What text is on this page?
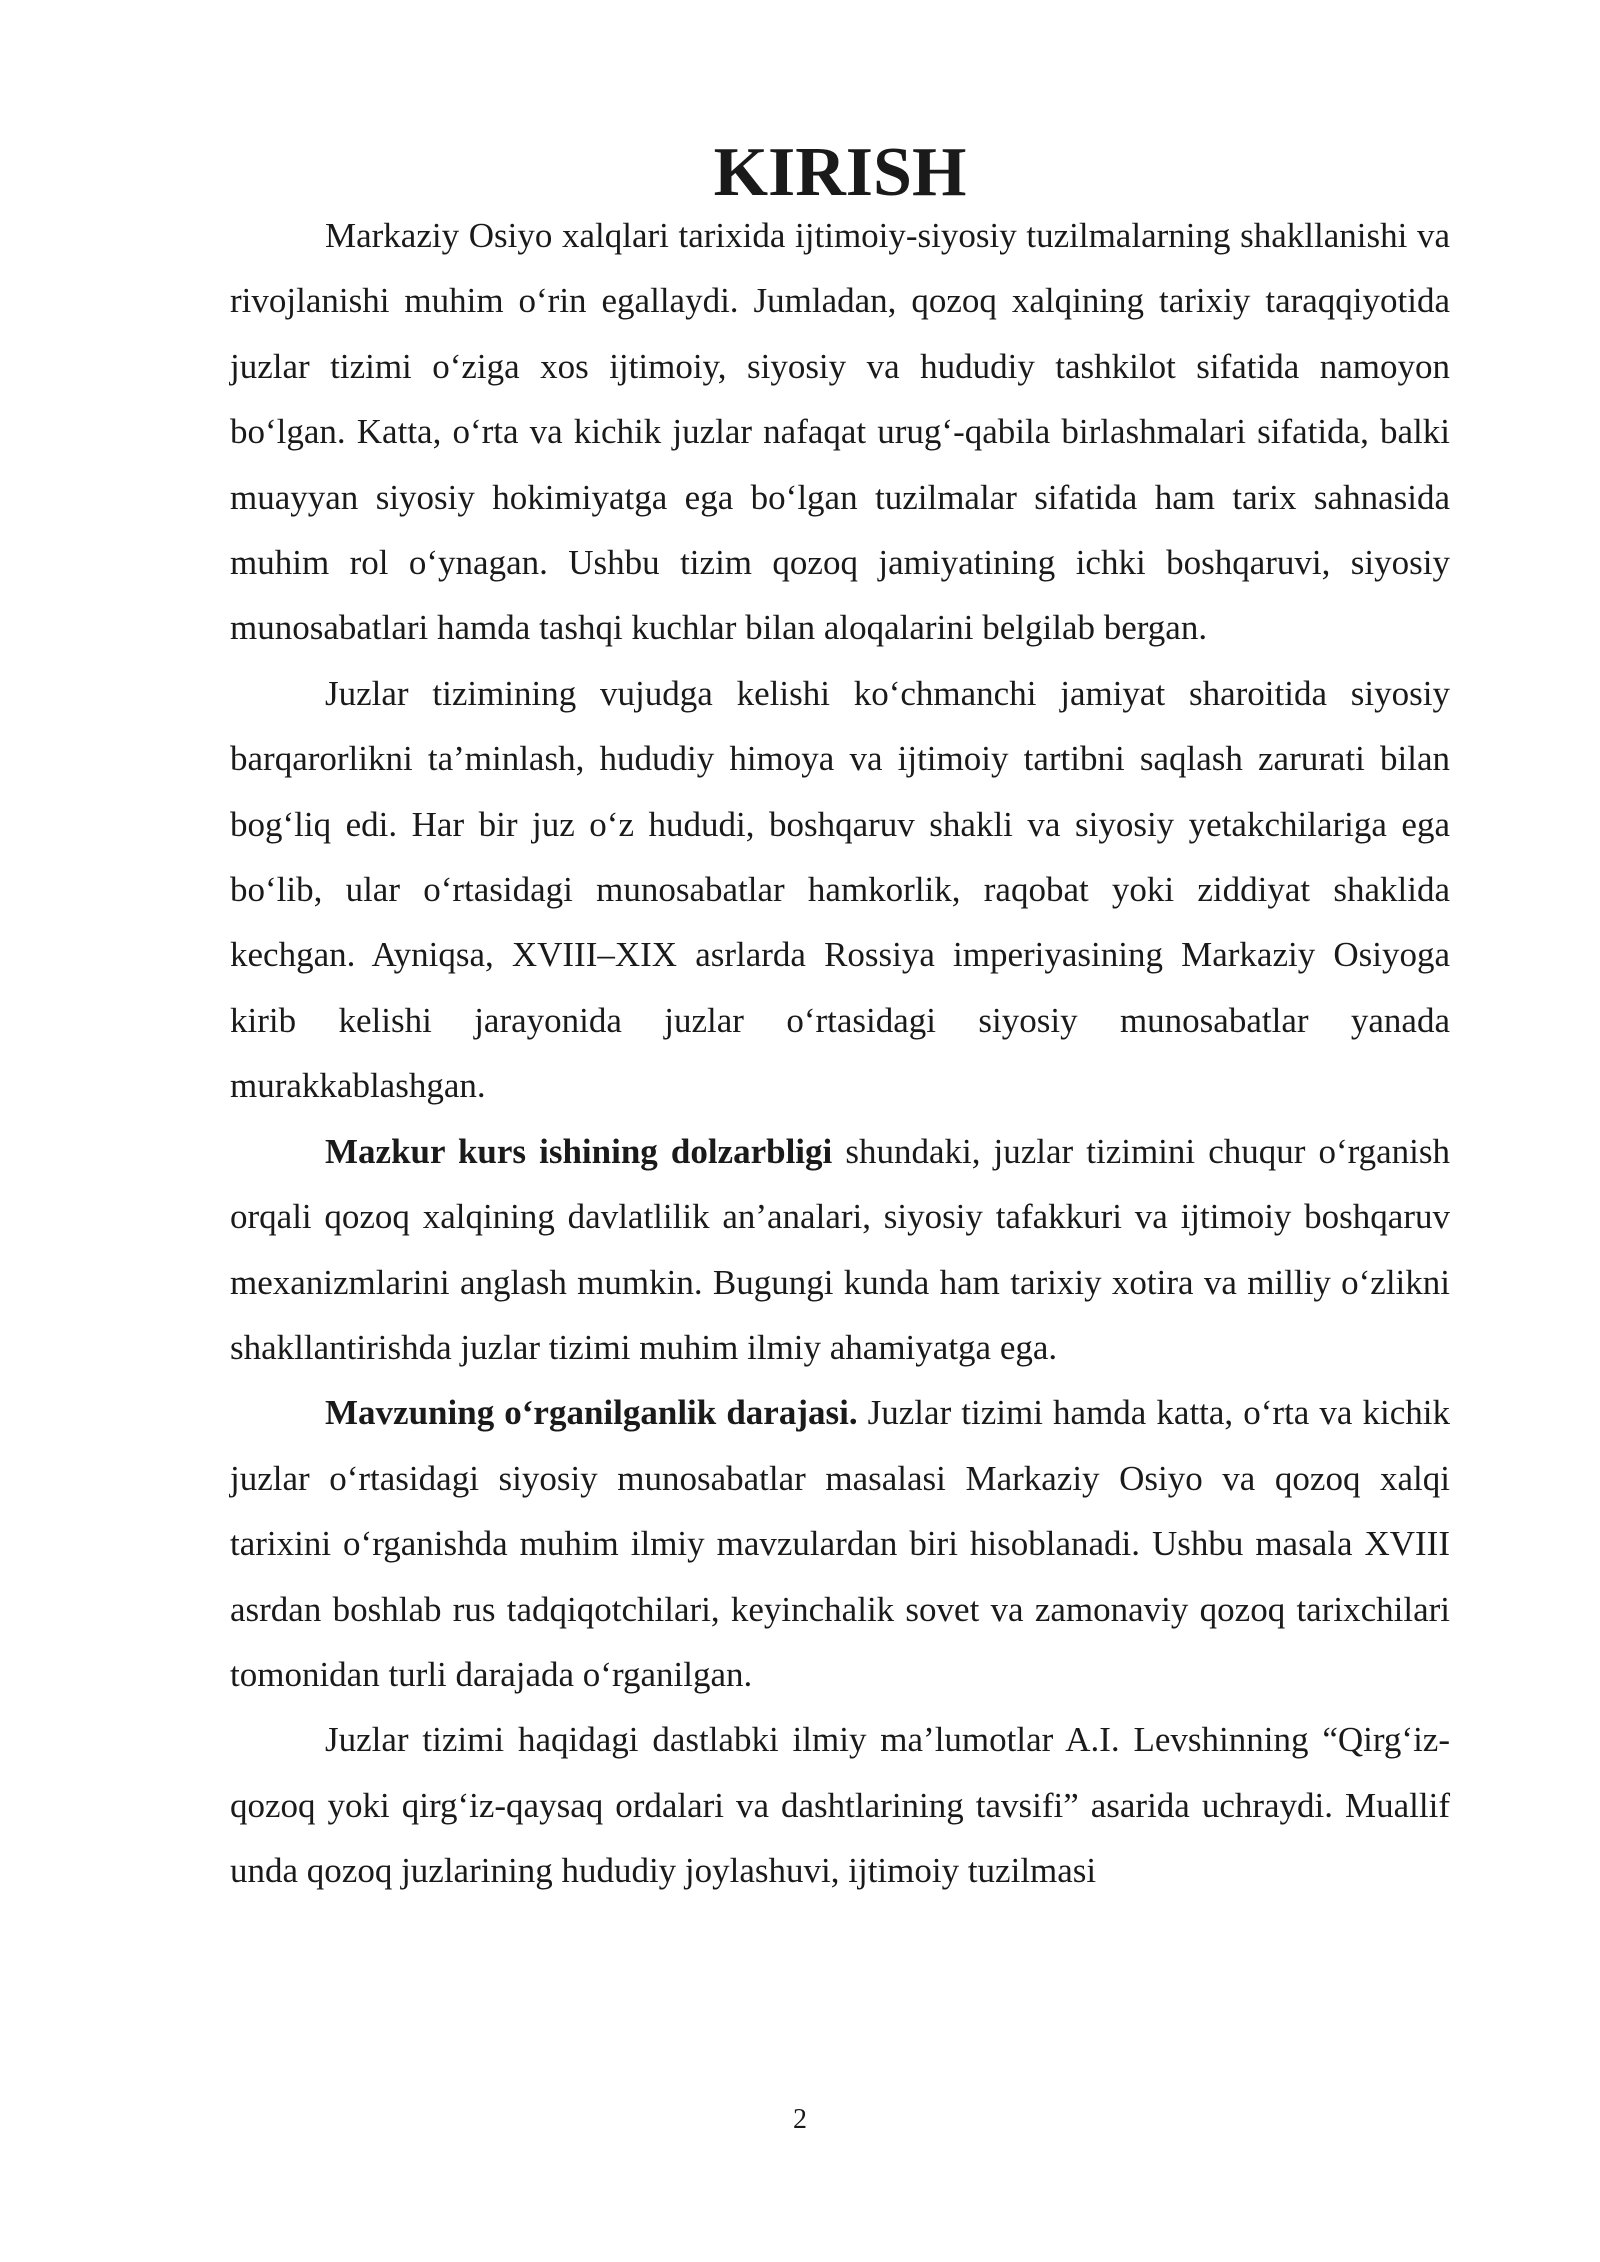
KIRISH

Markaziy Osiyo xalqlari tarixida ijtimoiy-siyosiy tuzilmalarning shakllanishi va rivojlanishi muhim o‘rin egallaydi. Jumladan, qozoq xalqining tarixiy taraqqiyotida juzlar tizimi o‘ziga xos ijtimoiy, siyosiy va hududiy tashkilot sifatida namoyon bo‘lgan. Katta, o‘rta va kichik juzlar nafaqat urug‘-qabila birlashmalari sifatida, balki muayyan siyosiy hokimiyatga ega bo‘lgan tuzilmalar sifatida ham tarix sahnasida muhim rol o‘ynagan. Ushbu tizim qozoq jamiyatining ichki boshqaruvi, siyosiy munosabatlari hamda tashqi kuchlar bilan aloqalarini belgilab bergan.

Juzlar tizimining vujudga kelishi ko‘chmanchi jamiyat sharoitida siyosiy barqarorlikni ta’minlash, hududiy himoya va ijtimoiy tartibni saqlash zarurati bilan bog‘liq edi. Har bir juz o‘z hududi, boshqaruv shakli va siyosiy yetakchilariga ega bo‘lib, ular o‘rtasidagi munosabatlar hamkorlik, raqobat yoki ziddiyat shaklida kechgan. Ayniqsa, XVIII–XIX asrlarda Rossiya imperiyasining Markaziy Osiyoga kirib kelishi jarayonida juzlar o‘rtasidagi siyosiy munosabatlar yanada murakkablashgan.

Mazkur kurs ishining dolzarbligi shundaki, juzlar tizimini chuqur o‘rganish orqali qozoq xalqining davlatlilik an’analari, siyosiy tafakkuri va ijtimoiy boshqaruv mexanizmlarini anglash mumkin. Bugungi kunda ham tarixiy xotira va milliy o‘zlikni shakllantirishda juzlar tizimi muhim ilmiy ahamiyatga ega.

Mavzuning o‘rganilganlik darajasi. Juzlar tizimi hamda katta, o‘rta va kichik juzlar o‘rtasidagi siyosiy munosabatlar masalasi Markaziy Osiyo va qozoq xalqi tarixini o‘rganishda muhim ilmiy mavzulardan biri hisoblanadi. Ushbu masala XVIII asrdan boshlab rus tadqiqotchilari, keyinchalik sovet va zamonaviy qozoq tarixchilari tomonidan turli darajada o‘rganilgan.

Juzlar tizimi haqidagi dastlabki ilmiy ma’lumotlar A.I. Levshinning “Qirg‘iz-qozoq yoki qirg‘iz-qaysaq ordalari va dashtlarining tavsifi” asarida uchraydi. Muallif unda qozoq juzlarining hududiy joylashuvi, ijtimoiy tuzilmasi

2
